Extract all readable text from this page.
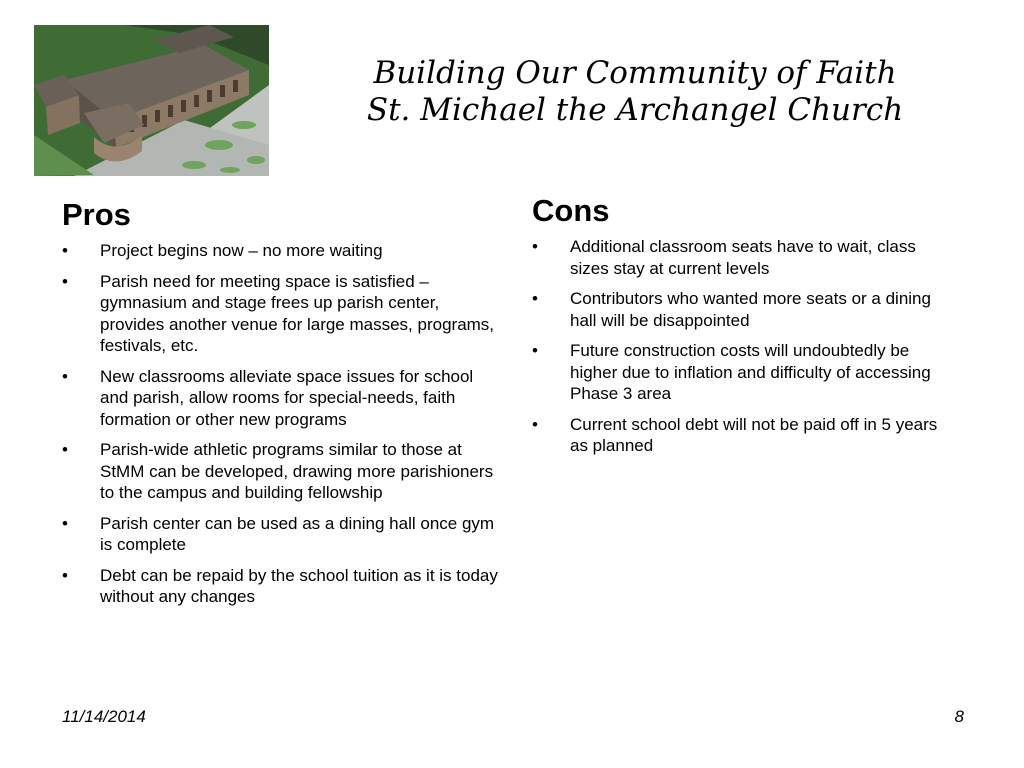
Building Our Community of Faith
St. Michael the Archangel Church
Pros
•	Project begins now – no more waiting
•	Parish need for meeting space is satisfied – gymnasium and stage frees up parish center, provides another venue for large masses, programs, festivals, etc.
•	New classrooms alleviate space issues for school and parish, allow rooms for special-needs, faith formation or other new programs
•	Parish-wide athletic programs similar to those at StMM can be developed, drawing more parishioners to the campus and building fellowship
•	Parish center can be used as a dining hall once gym is complete
•	Debt can be repaid by the school tuition as it is today without any changes
Cons
•	Additional classroom seats have to wait, class sizes stay at current levels
•	Contributors who wanted more seats or a dining hall will be disappointed
•	Future construction costs will undoubtedly be higher due to inflation and difficulty of accessing Phase 3 area
•	Current school debt will not be paid off in 5 years as planned
11/14/2014	8
